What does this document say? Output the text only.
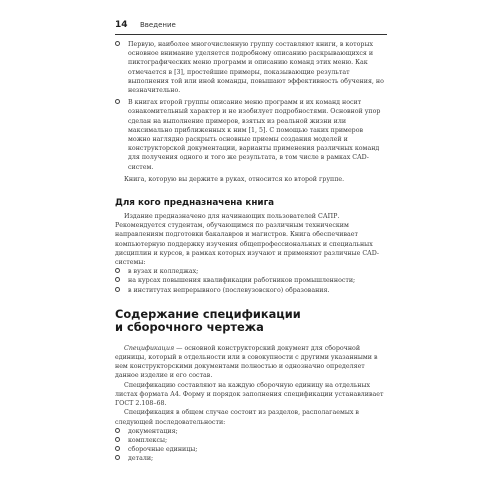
14 Введение
Первую, наиболее многочисленную группу составляют книги, в которых основное внимание уделяется подробному описанию раскрывающихся и пиктографических меню программ и описанию команд этих меню. Как отмечается в [3], простейшие примеры, показывающие результат выполнения той или иной команды, повышают эффективность обучения, но незначительно.
В книгах второй группы описание меню программ и их команд носит ознакомительный характер и не изобилует подробностями. Основной упор сделан на выполнение примеров, взятых из реальной жизни или максимально приближенных к ним [1, 5]. С помощью таких примеров можно наглядно раскрыть основные приемы создания моделей и конструкторской документации, варианты применения различных команд для получения одного и того же результата, в том числе в рамках CAD-систем.

Книга, которую вы держите в руках, относится ко второй группе.

Для кого предназначена книга

Издание предназначено для начинающих пользователей САПР. Рекомендуется студентам, обучающимся по различным техническим направлениям подготовки бакалавров и магистров. Книга обеспечивает компьютерную поддержку изучения общепрофессиональных и специальных дисциплин и курсов, в рамках которых изучают и применяют различные CAD-системы:

в вузах и колледжах;
на курсах повышения квалификации работников промышленности;
в институтах непрерывного (послевузовского) образования.
Содержание спецификации
и сборочного чертежа

Спецификация — основной конструкторский документ для сборочной единицы, который в отдельности или в совокупности с другими указанными в нем конструкторскими документами полностью и однозначно определяет данное изделие и его состав.

Спецификацию составляют на каждую сборочную единицу на отдельных листах формата А4. Форму и порядок заполнения спецификации устанавливает ГОСТ 2.108–68.

Спецификация в общем случае состоит из разделов, располагаемых в следующей последовательности:

документация;
комплексы;
сборочные единицы;
детали;
